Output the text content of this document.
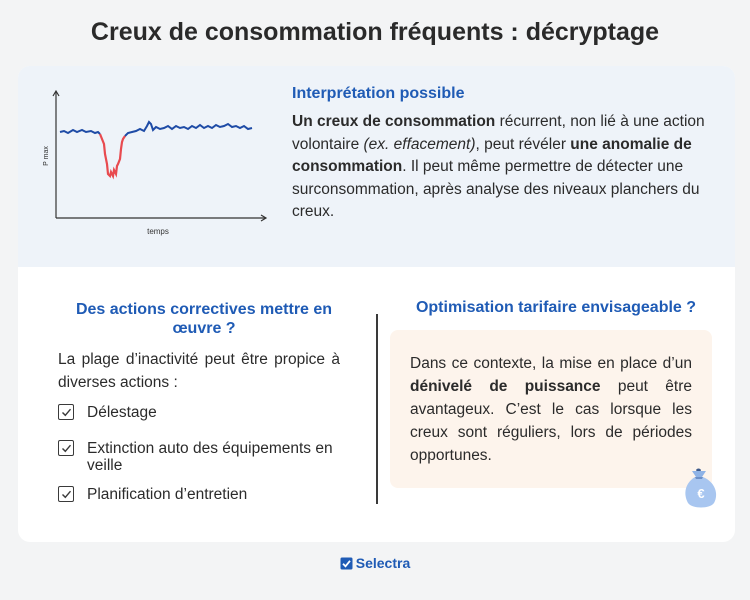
Creux de consommation fréquents : décryptage
P max
temps
Interprétation possible
Un creux de consommation récurrent, non lié à une action volontaire (ex. effacement), peut révéler une anomalie de consommation. Il peut même permettre de détecter une surconsommation, après analyse des niveaux planchers du creux.
Des actions correctives mettre en œuvre ?
La plage d’inactivité peut être propice à diverses actions :
Délestage
Extinction auto des équipements en veille
Planification d’entretien
Optimisation tarifaire envisageable ?
Dans ce contexte, la mise en place d’un dénivelé de puissance peut être avantageux. C’est le cas lorsque les creux sont réguliers, lors de périodes opportunes.
€
Selectra
